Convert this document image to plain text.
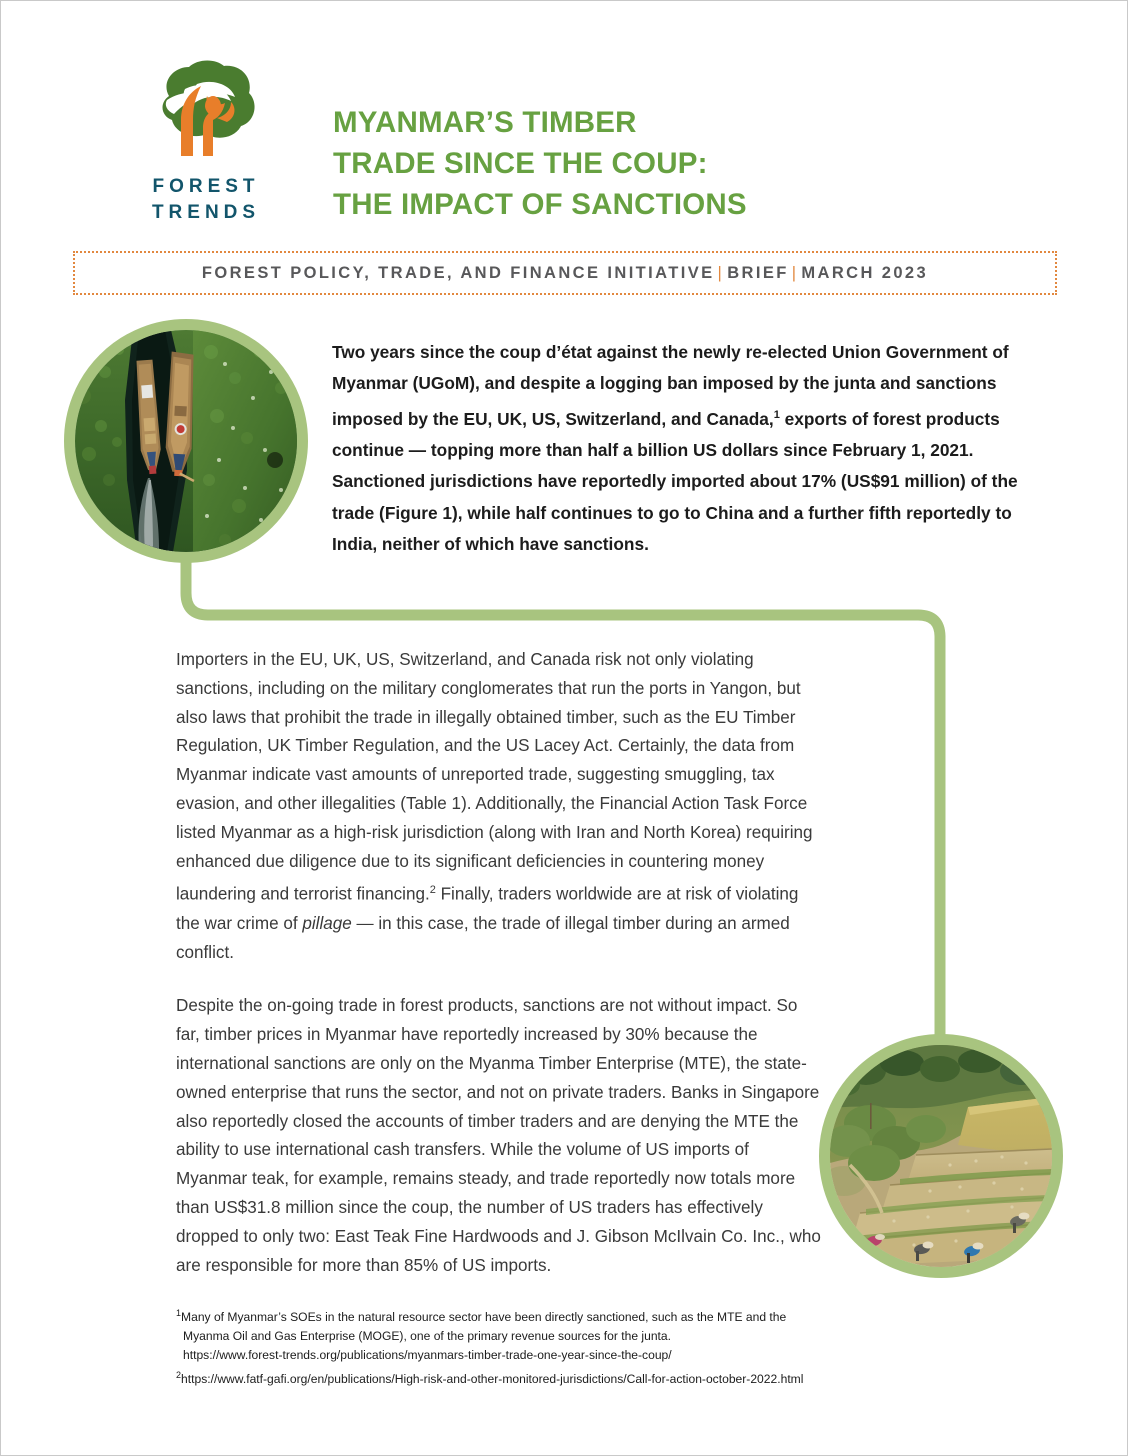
FOREST
TRENDS
MYANMAR’S TIMBER
TRADE SINCE THE COUP:
THE IMPACT OF SANCTIONS
FOREST POLICY, TRADE, AND FINANCE INITIATIVE | BRIEF | MARCH 2023

Two years since the coup d’état against the newly re-elected Union Government of Myanmar (UGoM), and despite a logging ban imposed by the junta and sanctions imposed by the EU, UK, US, Switzerland, and Canada,$^1$ exports of forest products continue — topping more than half a billion US dollars since February 1, 2021. Sanctioned jurisdictions have reportedly imported about 17% (US$91 million) of the trade (Figure 1), while half continues to go to China and a further fifth reportedly to India, neither of which have sanctions.

Importers in the EU, UK, US, Switzerland, and Canada risk not only violating sanctions, including on the military conglomerates that run the ports in Yangon, but also laws that prohibit the trade in illegally obtained timber, such as the EU Timber Regulation, UK Timber Regulation, and the US Lacey Act. Certainly, the data from Myanmar indicate vast amounts of unreported trade, suggesting smuggling, tax evasion, and other illegalities (Table 1). Additionally, the Financial Action Task Force listed Myanmar as a high-risk jurisdiction (along with Iran and North Korea) requiring enhanced due diligence due to its significant deficiencies in countering money laundering and terrorist financing.$^2$ Finally, traders worldwide are at risk of violating the war crime of pillage — in this case, the trade of illegal timber during an armed conflict.

Despite the on-going trade in forest products, sanctions are not without impact. So far, timber prices in Myanmar have reportedly increased by 30% because the international sanctions are only on the Myanma Timber Enterprise (MTE), the state-owned enterprise that runs the sector, and not on private traders. Banks in Singapore also reportedly closed the accounts of timber traders and are denying the MTE the ability to use international cash transfers. While the volume of US imports of Myanmar teak, for example, remains steady, and trade reportedly now totals more than US$31.8 million since the coup, the number of US traders has effectively dropped to only two: East Teak Fine Hardwoods and J. Gibson McIlvain Co. Inc., who are responsible for more than 85% of US imports.

$^1$Many of Myanmar’s SOEs in the natural resource sector have been directly sanctioned, such as the MTE and the
Myanma Oil and Gas Enterprise (MOGE), one of the primary revenue sources for the junta.
https://www.forest-trends.org/publications/myanmars-timber-trade-one-year-since-the-coup/
$^2$https://www.fatf-gafi.org/en/publications/High-risk-and-other-monitored-jurisdictions/Call-for-action-october-2022.html
